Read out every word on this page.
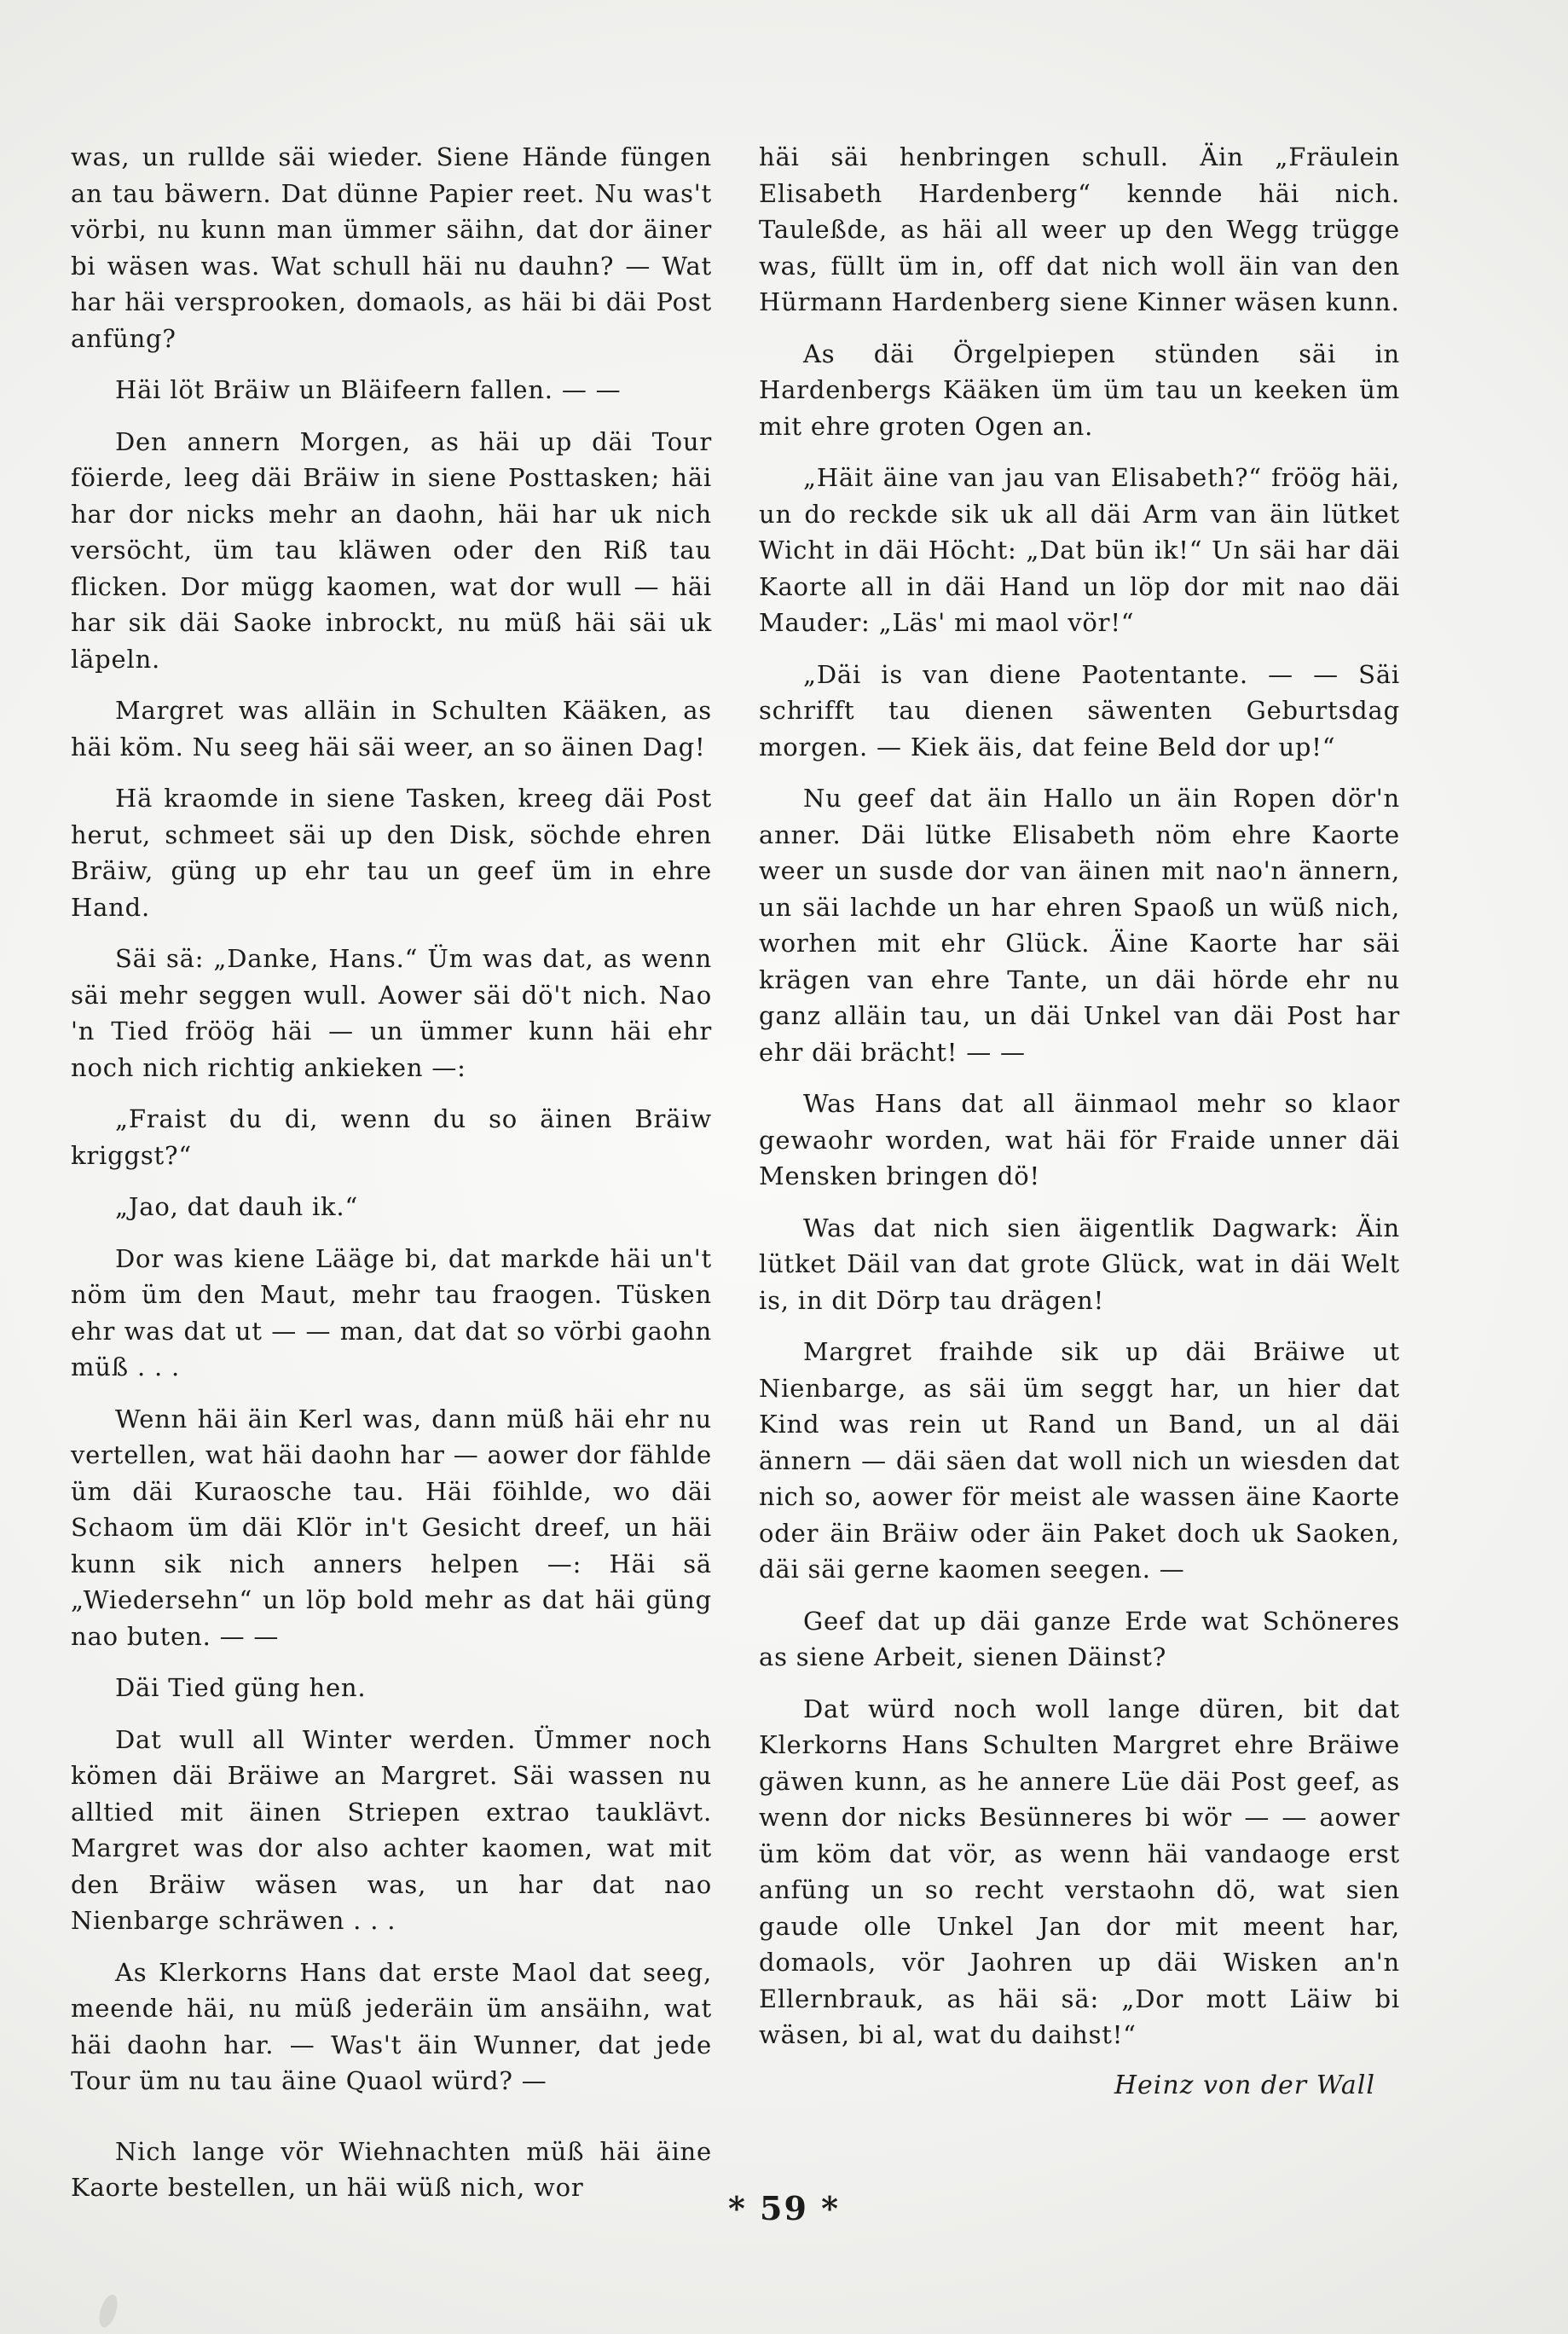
was, un rullde säi wieder. Siene Hände füngen an tau bäwern. Dat dünne Papier reet. Nu was't vörbi, nu kunn man ümmer säihn, dat dor äiner bi wäsen was. Wat schull häi nu dauhn? — Wat har häi versprooken, domaols, as häi bi däi Post anfüng?

Häi löt Bräiw un Bläifeern fallen. — —

Den annern Morgen, as häi up däi Tour föierde, leeg däi Bräiw in siene Posttasken; häi har dor nicks mehr an daohn, häi har uk nich versöcht, üm tau kläwen oder den Riß tau flicken. Dor mügg kaomen, wat dor wull — häi har sik däi Saoke inbrockt, nu müß häi säi uk läpeln.

Margret was alläin in Schulten Kääken, as häi köm. Nu seeg häi säi weer, an so äinen Dag!

Hä kraomde in siene Tasken, kreeg däi Post herut, schmeet säi up den Disk, söchde ehren Bräiw, güng up ehr tau un geef üm in ehre Hand.

Säi sä: „Danke, Hans.“ Üm was dat, as wenn säi mehr seggen wull. Aower säi dö't nich. Nao 'n Tied fröög häi — un ümmer kunn häi ehr noch nich richtig ankieken —:

„Fraist du di, wenn du so äinen Bräiw kriggst?“

„Jao, dat dauh ik.“

Dor was kiene Lääge bi, dat markde häi un't nöm üm den Maut, mehr tau fraogen. Tüsken ehr was dat ut — — man, dat dat so vörbi gaohn müß . . .

Wenn häi äin Kerl was, dann müß häi ehr nu vertellen, wat häi daohn har — aower dor fählde üm däi Kuraosche tau. Häi föihlde, wo däi Schaom üm däi Klör in't Gesicht dreef, un häi kunn sik nich anners helpen —: Häi sä „Wiedersehn“ un löp bold mehr as dat häi güng nao buten. — —

Däi Tied güng hen.

Dat wull all Winter werden. Ümmer noch kömen däi Bräiwe an Margret. Säi wassen nu alltied mit äinen Striepen extrao tauklävt. Margret was dor also achter kaomen, wat mit den Bräiw wäsen was, un har dat nao Nienbarge schräwen . . .

As Klerkorns Hans dat erste Maol dat seeg, meende häi, nu müß jederäin üm ansäihn, wat häi daohn har. — Was't äin Wunner, dat jede Tour üm nu tau äine Quaol würd? —

Nich lange vör Wiehnachten müß häi äine Kaorte bestellen, un häi wüß nich, wor

häi säi henbringen schull. Äin „Fräulein Elisabeth Hardenberg“ kennde häi nich. Tauleßde, as häi all weer up den Wegg trügge was, füllt üm in, off dat nich woll äin van den Hürmann Hardenberg siene Kinner wäsen kunn.

As däi Örgelpiepen stünden säi in Hardenbergs Kääken üm üm tau un keeken üm mit ehre groten Ogen an.

„Häit äine van jau van Elisabeth?“ fröög häi, un do reckde sik uk all däi Arm van äin lütket Wicht in däi Höcht: „Dat bün ik!“ Un säi har däi Kaorte all in däi Hand un löp dor mit nao däi Mauder: „Läs' mi maol vör!“

„Däi is van diene Paotentante. — — Säi schrifft tau dienen säwenten Geburtsdag morgen. — Kiek äis, dat feine Beld dor up!“

Nu geef dat äin Hallo un äin Ropen dör'n anner. Däi lütke Elisabeth nöm ehre Kaorte weer un susde dor van äinen mit nao'n ännern, un säi lachde un har ehren Spaoß un wüß nich, worhen mit ehr Glück. Äine Kaorte har säi krägen van ehre Tante, un däi hörde ehr nu ganz alläin tau, un däi Unkel van däi Post har ehr däi brächt! — —

Was Hans dat all äinmaol mehr so klaor gewaohr worden, wat häi för Fraide unner däi Mensken bringen dö!

Was dat nich sien äigentlik Dagwark: Äin lütket Däil van dat grote Glück, wat in däi Welt is, in dit Dörp tau drägen!

Margret fraihde sik up däi Bräiwe ut Nienbarge, as säi üm seggt har, un hier dat Kind was rein ut Rand un Band, un al däi ännern — däi säen dat woll nich un wiesden dat nich so, aower för meist ale wassen äine Kaorte oder äin Bräiw oder äin Paket doch uk Saoken, däi säi gerne kaomen seegen. —

Geef dat up däi ganze Erde wat Schöneres as siene Arbeit, sienen Däinst?

Dat würd noch woll lange düren, bit dat Klerkorns Hans Schulten Margret ehre Bräiwe gäwen kunn, as he annere Lüe däi Post geef, as wenn dor nicks Besünneres bi wör — — aower üm köm dat vör, as wenn häi vandaoge erst anfüng un so recht verstaohn dö, wat sien gaude olle Unkel Jan dor mit meent har, domaols, vör Jaohren up däi Wisken an'n Ellernbrauk, as häi sä: „Dor mott Läiw bi wäsen, bi al, wat du daihst!“

Heinz von der Wall

* 59 *
